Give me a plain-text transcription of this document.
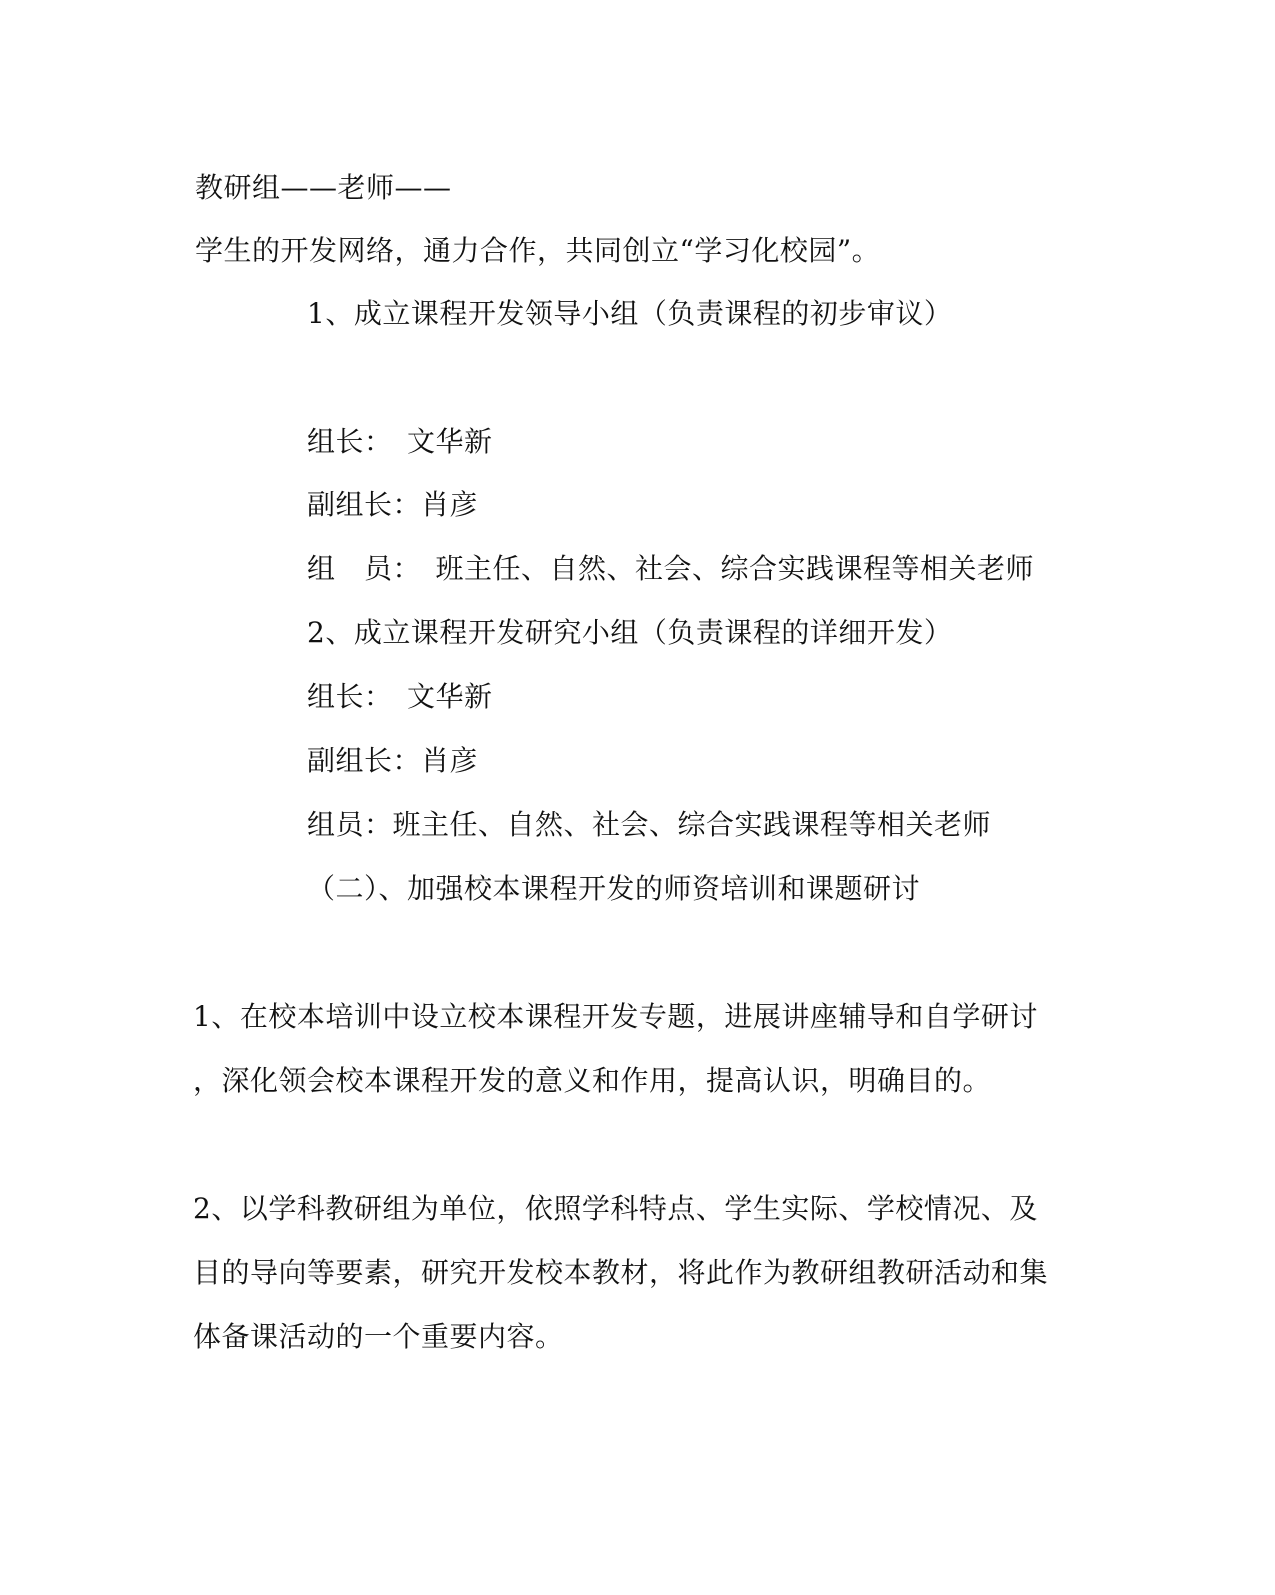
教研组——老师——
学生的开发网络，通力合作，共同创立“学习化校园”。
1、成立课程开发领导小组（负责课程的初步审议）
组长：　文华新
副组长：肖彦
组　员：　班主任、自然、社会、综合实践课程等相关老师
2、成立课程开发研究小组（负责课程的详细开发）
组长：　文华新
副组长：肖彦
组员：班主任、自然、社会、综合实践课程等相关老师
（二）、加强校本课程开发的师资培训和课题研讨
1、在校本培训中设立校本课程开发专题，进展讲座辅导和自学研讨
，深化领会校本课程开发的意义和作用，提高认识，明确目的。
2、以学科教研组为单位，依照学科特点、学生实际、学校情况、及
目的导向等要素，研究开发校本教材，将此作为教研组教研活动和集
体备课活动的一个重要内容。
